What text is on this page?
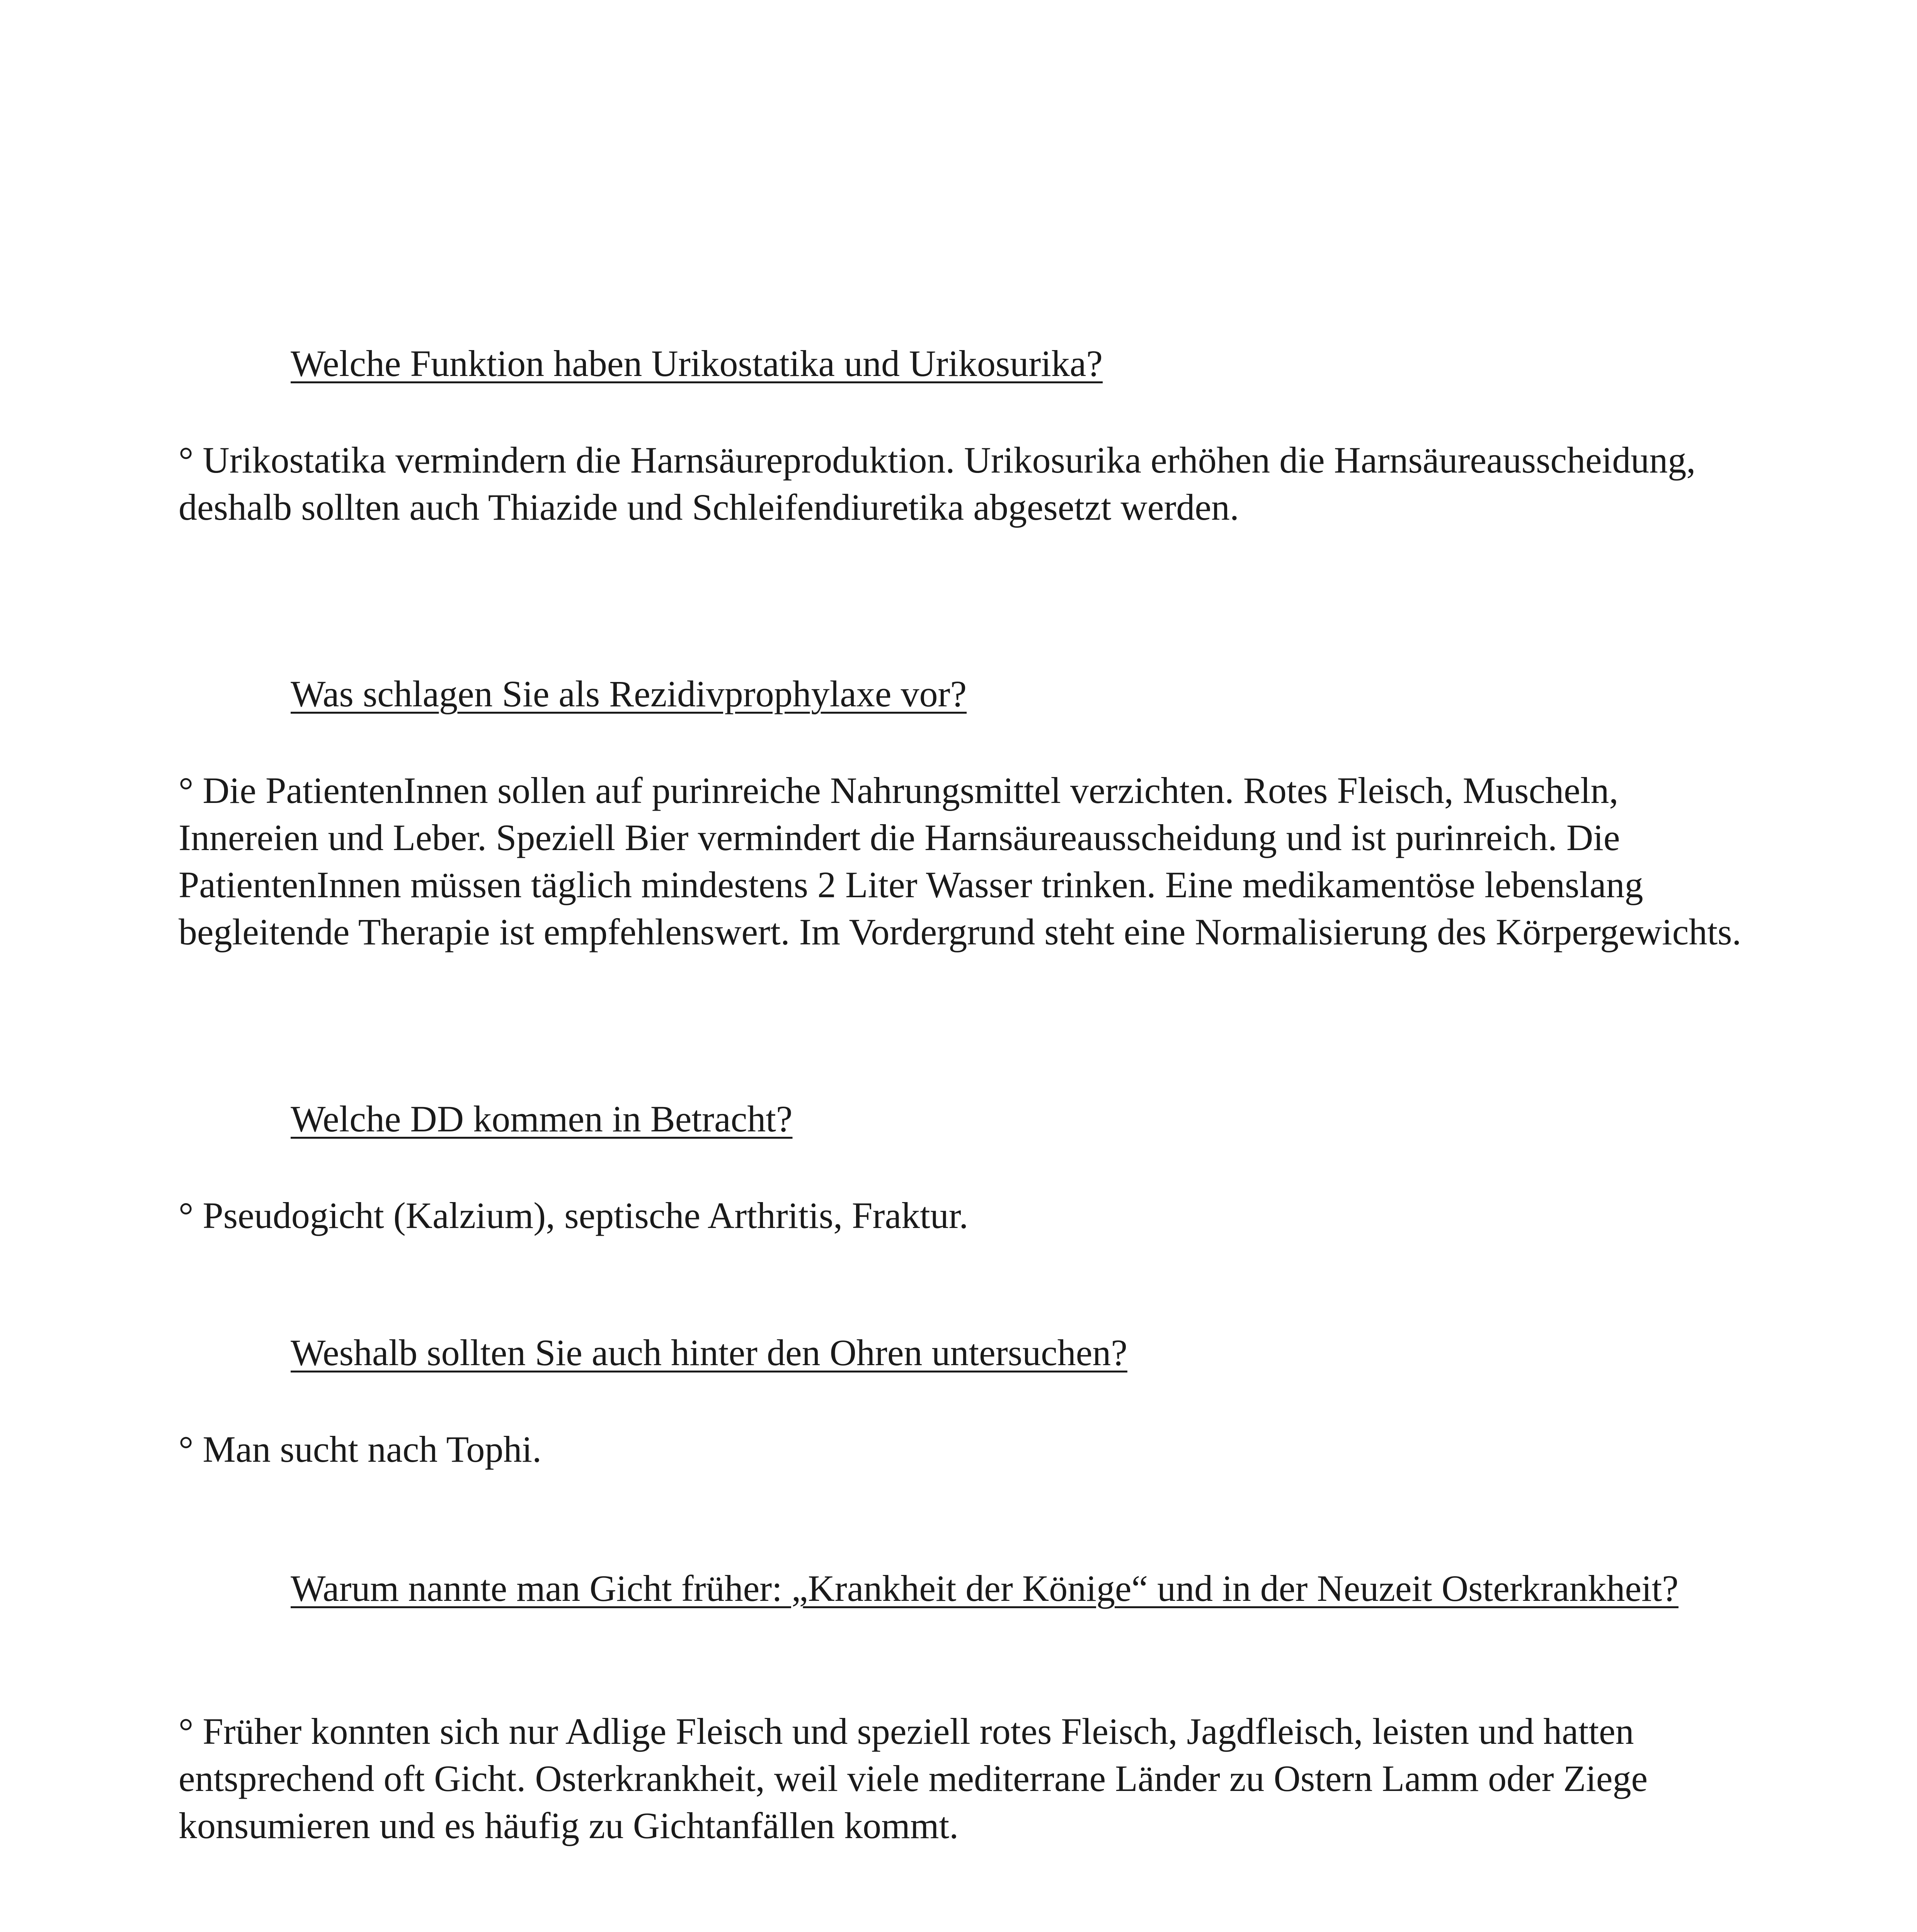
Welche Funktion haben Urikostatika und Urikosurika?

° Urikostatika vermindern die Harnsäureproduktion. Urikosurika erhöhen die Harnsäureausscheidung, deshalb sollten auch Thiazide und Schleifendiuretika abgesetzt werden.

Was schlagen Sie als Rezidivprophylaxe vor?

° Die PatientenInnen sollen auf purinreiche Nahrungsmittel verzichten. Rotes Fleisch, Muscheln, Innereien und Leber. Speziell Bier vermindert die Harnsäureausscheidung und ist purinreich. Die PatientenInnen müssen täglich mindestens 2 Liter Wasser trinken. Eine medikamentöse lebenslang begleitende Therapie ist empfehlenswert. Im Vordergrund steht eine Normalisierung des Körpergewichts.

Welche DD kommen in Betracht?

° Pseudogicht (Kalzium), septische Arthritis, Fraktur.

Weshalb sollten Sie auch hinter den Ohren untersuchen?

° Man sucht nach Tophi.

Warum nannte man Gicht früher: „Krankheit der Könige“ und in der Neuzeit Osterkrankheit?

° Früher konnten sich nur Adlige Fleisch und speziell rotes Fleisch, Jagdfleisch, leisten und hatten entsprechend oft Gicht. Osterkrankheit, weil viele mediterrane Länder zu Ostern Lamm oder Ziege konsumieren und es häufig zu Gichtanfällen kommt.
